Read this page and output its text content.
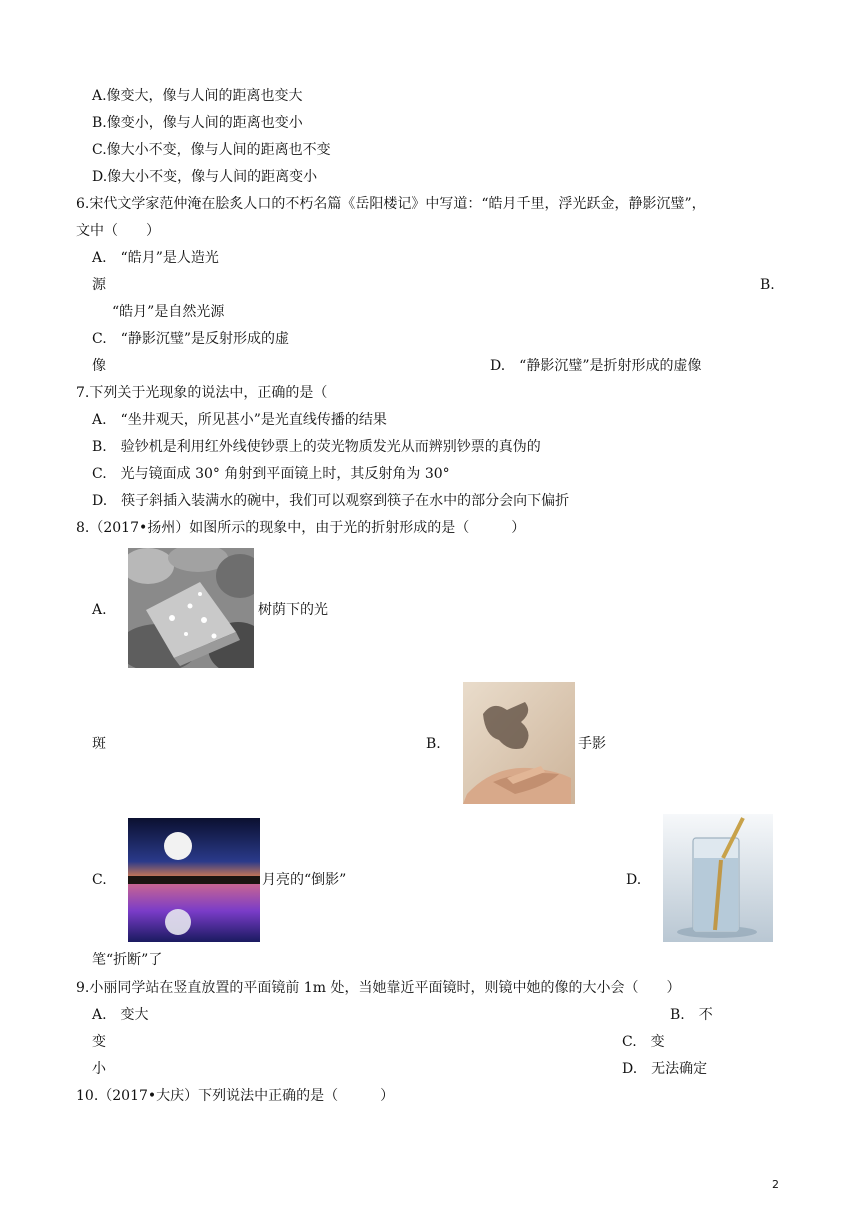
A.像变大，像与人间的距离也变大
B.像变小，像与人间的距离也变小
C.像大小不变，像与人间的距离也不变
D.像大小不变，像与人间的距离变小
6.宋代文学家范仲淹在脍炙人口的不朽名篇《岳阳楼记》中写道：“皓月千里，浮光跃金，静影沉璧”，
文中（　　）
A.　“皓月”是人造光
源	B.
“皓月”是自然光源
C.　“静影沉璧”是反射形成的虚
像	D.　“静影沉璧”是折射形成的虚像
7.下列关于光现象的说法中，正确的是（
A.　“坐井观天，所见甚小”是光直线传播的结果
B.　验钞机是利用红外线使钞票上的荧光物质发光从而辨别钞票的真伪的
C.　光与镜面成 30° 角射到平面镜上时，其反射角为 30°
D.　筷子斜插入装满水的碗中，我们可以观察到筷子在水中的部分会向下偏折
8.（2017•扬州）如图所示的现象中，由于光的折射形成的是（　　　）
A.	树荫下的光
斑	B.	手影
C.	月亮的“倒影”	D.
笔“折断”了
9.小丽同学站在竖直放置的平面镜前 1m 处，当她靠近平面镜时，则镜中她的像的大小会（　　）
A.　变大	B.　不
变	C.　变
小	D.　无法确定
10.（2017•大庆）下列说法中正确的是（　　　）
2
